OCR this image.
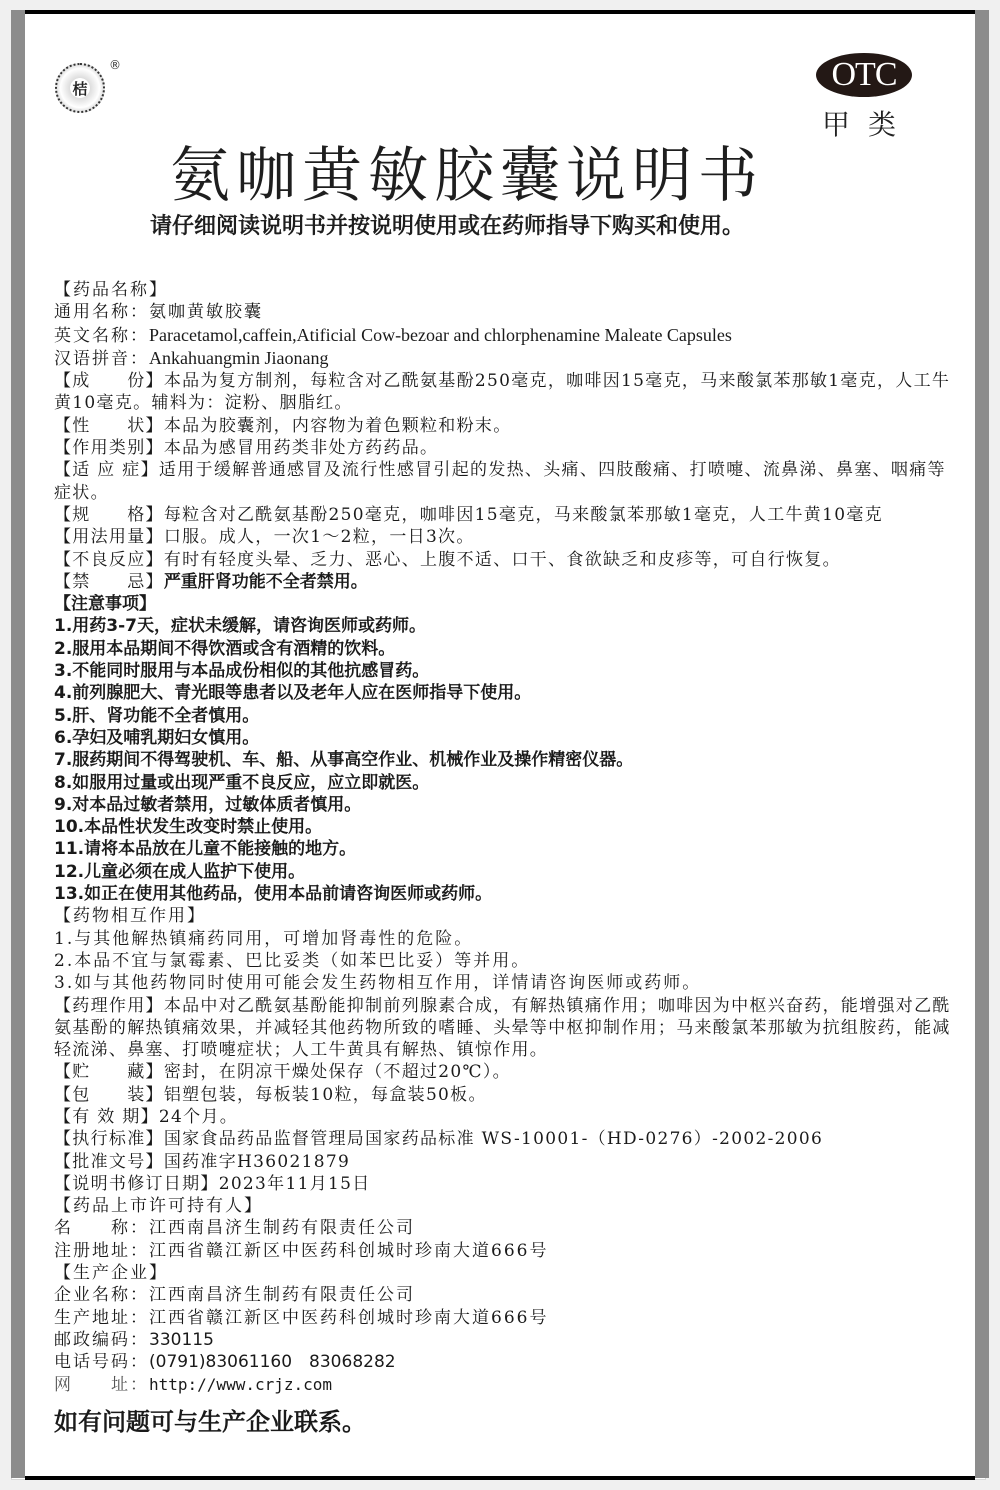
桔
®	OTC
甲类
氨咖黄敏胶囊说明书
请仔细阅读说明书并按说明使用或在药师指导下购买和使用。
【药品名称】
通用名称：氨咖黄敏胶囊
英文名称：Paracetamol,caffein,Atificial Cow-bezoar and chlorphenamine Maleate Capsules
汉语拼音：Ankahuangmin Jiaonang
【成　　份】本品为复方制剂，每粒含对乙酰氨基酚250毫克，咖啡因15毫克，马来酸氯苯那敏1毫克，人工牛黄10毫克。辅料为：淀粉、胭脂红。
【性　　状】本品为胶囊剂，内容物为着色颗粒和粉末。
【作用类别】本品为感冒用药类非处方药药品。
【适 应 症】适用于缓解普通感冒及流行性感冒引起的发热、头痛、四肢酸痛、打喷嚏、流鼻涕、鼻塞、咽痛等症状。
【规　　格】每粒含对乙酰氨基酚250毫克，咖啡因15毫克，马来酸氯苯那敏1毫克，人工牛黄10毫克
【用法用量】口服。成人，一次1～2粒，一日3次。
【不良反应】有时有轻度头晕、乏力、恶心、上腹不适、口干、食欲缺乏和皮疹等，可自行恢复。
【禁　　忌】严重肝肾功能不全者禁用。
【注意事项】
1.用药3-7天，症状未缓解，请咨询医师或药师。
2.服用本品期间不得饮酒或含有酒精的饮料。
3.不能同时服用与本品成份相似的其他抗感冒药。
4.前列腺肥大、青光眼等患者以及老年人应在医师指导下使用。
5.肝、肾功能不全者慎用。
6.孕妇及哺乳期妇女慎用。
7.服药期间不得驾驶机、车、船、从事高空作业、机械作业及操作精密仪器。
8.如服用过量或出现严重不良反应，应立即就医。
9.对本品过敏者禁用，过敏体质者慎用。
10.本品性状发生改变时禁止使用。
11.请将本品放在儿童不能接触的地方。
12.儿童必须在成人监护下使用。
13.如正在使用其他药品，使用本品前请咨询医师或药师。
【药物相互作用】
1.与其他解热镇痛药同用，可增加肾毒性的危险。
2.本品不宜与氯霉素、巴比妥类（如苯巴比妥）等并用。
3.如与其他药物同时使用可能会发生药物相互作用，详情请咨询医师或药师。
【药理作用】本品中对乙酰氨基酚能抑制前列腺素合成，有解热镇痛作用；咖啡因为中枢兴奋药，能增强对乙酰氨基酚的解热镇痛效果，并减轻其他药物所致的嗜睡、头晕等中枢抑制作用；马来酸氯苯那敏为抗组胺药，能减轻流涕、鼻塞、打喷嚏症状；人工牛黄具有解热、镇惊作用。
【贮　　藏】密封，在阴凉干燥处保存（不超过20℃）。
【包　　装】铝塑包装，每板装10粒，每盒装50板。
【有 效 期】24个月。
【执行标准】国家食品药品监督管理局国家药品标准 WS-10001-（HD-0276）-2002-2006
【批准文号】国药准字H36021879
【说明书修订日期】2023年11月15日
【药品上市许可持有人】
名　　称：江西南昌济生制药有限责任公司
注册地址：江西省赣江新区中医药科创城时珍南大道666号
【生产企业】
企业名称：江西南昌济生制药有限责任公司
生产地址：江西省赣江新区中医药科创城时珍南大道666号
邮政编码：330115
电话号码：(0791)83061160　83068282
网　　址：http://www.crjz.com
如有问题可与生产企业联系。
